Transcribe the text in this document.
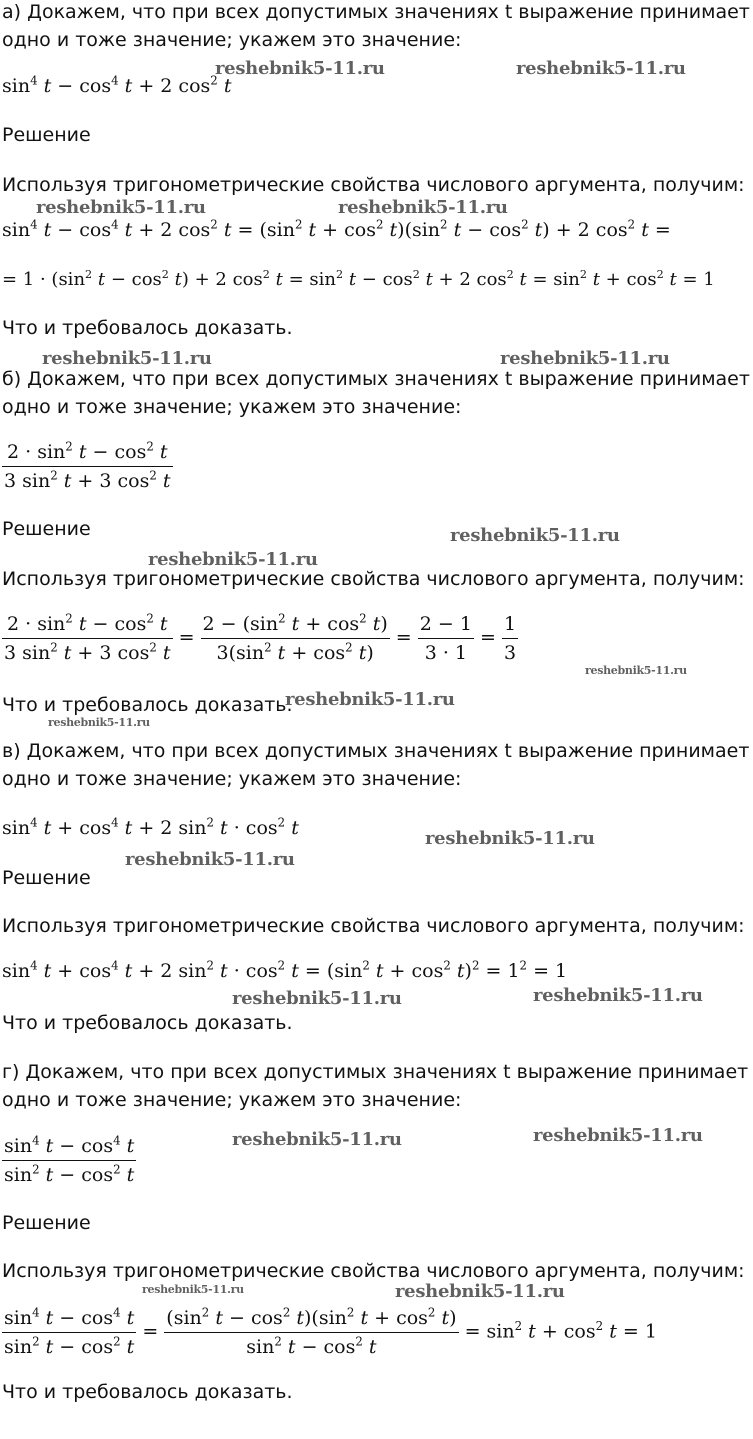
а) Докажем, что при всех допустимых значениях t выражение принимает
одно и тоже значение; укажем это значение:
$\sin^4 t - \cos^4 t + 2$ $\cos^2 t$
Решение
Используя тригонометрические свойства числового аргумента, получим:
$\sin^4 t - \cos^4 t + 2$ $\cos^2 t = (\sin^2$ $t + \cos^2 t)(\sin^2$ $t - \cos^2 t) + 2$ $\cos^2 t$ =
= $1 \cdot (\sin^2$ $t - \cos^2 t) + 2$ $\cos^2 t = \sin^2 t - \cos^2 t + 2$ $\cos^2 t = \sin^2 t + \cos^2 t = 1$
Что и требовалось доказать.
б) Докажем, что при всех допустимых значениях t выражение принимает
одно и тоже значение; укажем это значение:
$\frac{2 \cdot \sin^2 t - \cos^2 t}{3 \sin^2 t + 3 \cos^2 t}$
Решение
Используя тригонометрические свойства числового аргумента, получим:
$\frac{2 \cdot \sin^2 t - \cos^2 t}{3 \sin^2 t + 3 \cos^2 t} = \frac{2 - (\sin^2 t + \cos^2 t)}{3(\sin^2 t + \cos^2 t)} = \frac{2 - 1}{3 \cdot 1} = \frac{1}{3}$
Что и требовалось доказать.
в) Докажем, что при всех допустимых значениях t выражение принимает
одно и тоже значение; укажем это значение:
$\sin^4 t + \cos^4 t + 2$ $\sin^2 t \cdot \cos^2 t$
Решение
Используя тригонометрические свойства числового аргумента, получим:
$\sin^4 t + \cos^4 t + 2$ $\sin^2 t \cdot \cos^2 t = (\sin^2$ $t + \cos^2 t)^2 = 1^2 = 1$
Что и требовалось доказать.
г) Докажем, что при всех допустимых значениях t выражение принимает
одно и тоже значение; укажем это значение:
$\frac{\sin^4 t - \cos^4 t}{\sin^2 t - \cos^2 t}$
Решение
Используя тригонометрические свойства числового аргумента, получим:
$\frac{\sin^4 t - \cos^4 t}{\sin^2 t - \cos^2 t} = \frac{(\sin^2 t - \cos^2 t)(\sin^2 t + \cos^2 t)}{\sin^2 t - \cos^2 t} = \sin^2 t + \cos^2 t = 1$
Что и требовалось доказать.
reshebnik5-11.ru	reshebnik5-11.ru
reshebnik5-11.ru	reshebnik5-11.ru
reshebnik5-11.ru	reshebnik5-11.ru
reshebnik5-11.ru
reshebnik5-11.ru
reshebnik5-11.ru
reshebnik5-11.ru
reshebnik5-11.ru
reshebnik5-11.ru
reshebnik5-11.ru
reshebnik5-11.ru	reshebnik5-11.ru
reshebnik5-11.ru	reshebnik5-11.ru
reshebnik5-11.ru	reshebnik5-11.ru
